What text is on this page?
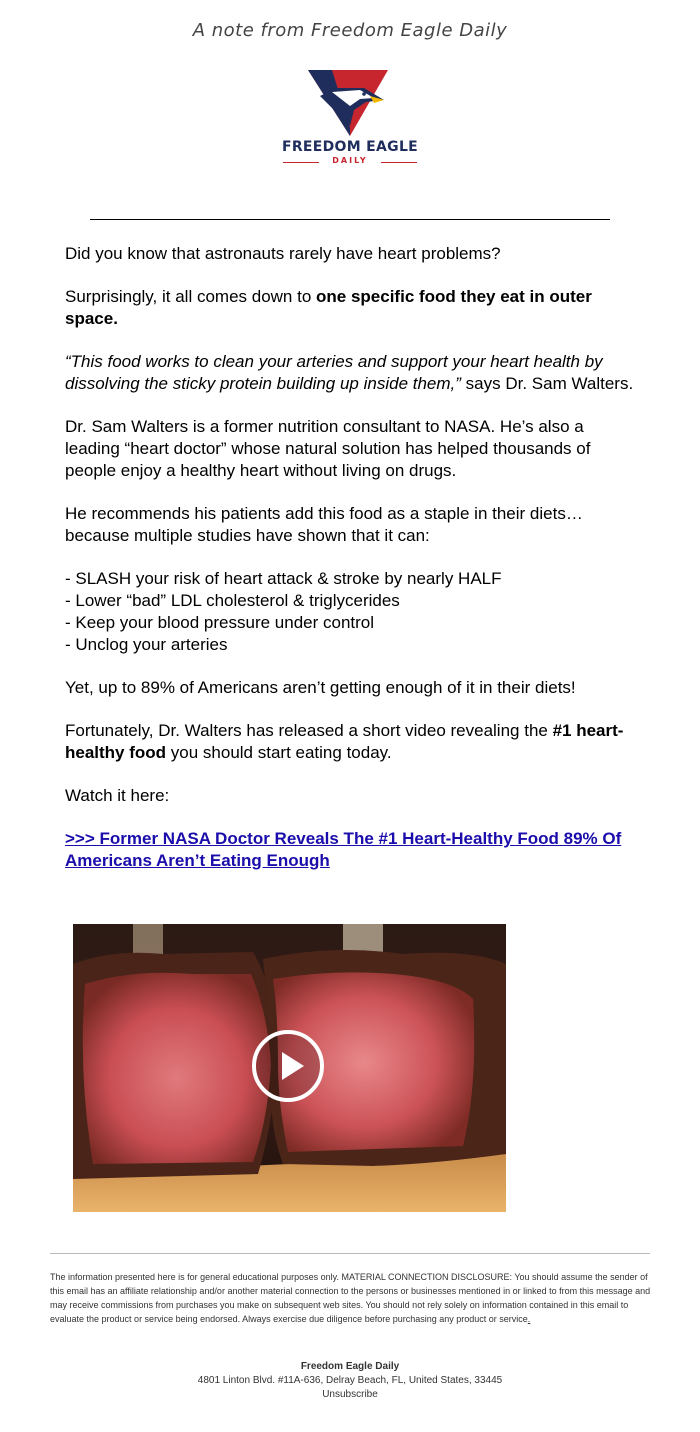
A note from Freedom Eagle Daily
FREEDOM EAGLE
DAILY

Did you know that astronauts rarely have heart problems?

Surprisingly, it all comes down to one specific food they eat in outer space.

“This food works to clean your arteries and support your heart health by dissolving the sticky protein building up inside them,” says Dr. Sam Walters.

Dr. Sam Walters is a former nutrition consultant to NASA. He’s also a leading “heart doctor” whose natural solution has helped thousands of people enjoy a healthy heart without living on drugs.

He recommends his patients add this food as a staple in their diets… because multiple studies have shown that it can:

- SLASH your risk of heart attack & stroke by nearly HALF
- Lower “bad” LDL cholesterol & triglycerides
- Keep your blood pressure under control
- Unclog your arteries

Yet, up to 89% of Americans aren’t getting enough of it in their diets!

Fortunately, Dr. Walters has released a short video revealing the #1 heart-healthy food you should start eating today.

Watch it here:

>>> Former NASA Doctor Reveals The #1 Heart-Healthy Food 89% Of Americans Aren’t Eating Enough

The information presented here is for general educational purposes only. MATERIAL CONNECTION DISCLOSURE: You should assume the sender of this email has an affiliate relationship and/or another material connection to the persons or businesses mentioned in or linked to from this message and may receive commissions from purchases you make on subsequent web sites. You should not rely solely on information contained in this email to evaluate the product or service being endorsed. Always exercise due diligence before purchasing any product or service.
Freedom Eagle Daily
4801 Linton Blvd. #11A-636, Delray Beach, FL, United States, 33445
Unsubscribe
